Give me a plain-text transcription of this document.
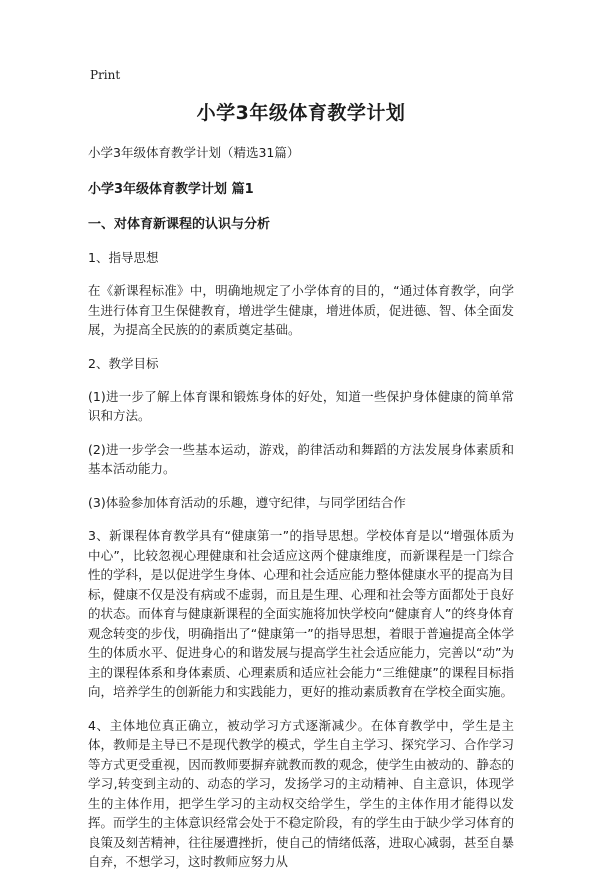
Print
小学3年级体育教学计划
小学3年级体育教学计划（精选31篇）
小学3年级体育教学计划 篇1
一、对体育新课程的认识与分析
1、指导思想
在《新课程标准》中，明确地规定了小学体育的目的，“通过体育教学，向学生进行体育卫生保健教育，增进学生健康，增进体质，促进德、智、体全面发展，为提高全民族的的素质奠定基础。
2、教学目标
(1)进一步了解上体育课和锻炼身体的好处，知道一些保护身体健康的简单常识和方法。
(2)进一步学会一些基本运动，游戏，韵律活动和舞蹈的方法发展身体素质和基本活动能力。
(3)体验参加体育活动的乐趣，遵守纪律，与同学团结合作
3、新课程体育教学具有“健康第一”的指导思想。学校体育是以“增强体质为中心”，比较忽视心理健康和社会适应这两个健康维度，而新课程是一门综合性的学科，是以促进学生身体、心理和社会适应能力整体健康水平的提高为目标，健康不仅是没有病或不虚弱，而且是生理、心理和社会等方面都处于良好的状态。而体育与健康新课程的全面实施将加快学校向“健康育人”的终身体育观念转变的步伐，明确指出了“健康第一”的指导思想，着眼于普遍提高全体学生的体质水平、促进身心的和谐发展与提高学生社会适应能力，完善以“动”为主的课程体系和身体素质、心理素质和适应社会能力“三维健康”的课程目标指向，培养学生的创新能力和实践能力，更好的推动素质教育在学校全面实施。
4、主体地位真正确立，被动学习方式逐渐减少。在体育教学中，学生是主体，教师是主导已不是现代教学的模式，学生自主学习、探究学习、合作学习等方式更受重视，因而教师要摒弃就教而教的观念，使学生由被动的、静态的学习,转变到主动的、动态的学习，发扬学习的主动精神、自主意识，体现学生的主体作用，把学生学习的主动权交给学生，学生的主体作用才能得以发挥。而学生的主体意识经常会处于不稳定阶段，有的学生由于缺少学习体育的良策及刻苦精神，往往屡遭挫折，使自己的情绪低落，进取心减弱，甚至自暴自弃，不想学习，这时教师应努力从
